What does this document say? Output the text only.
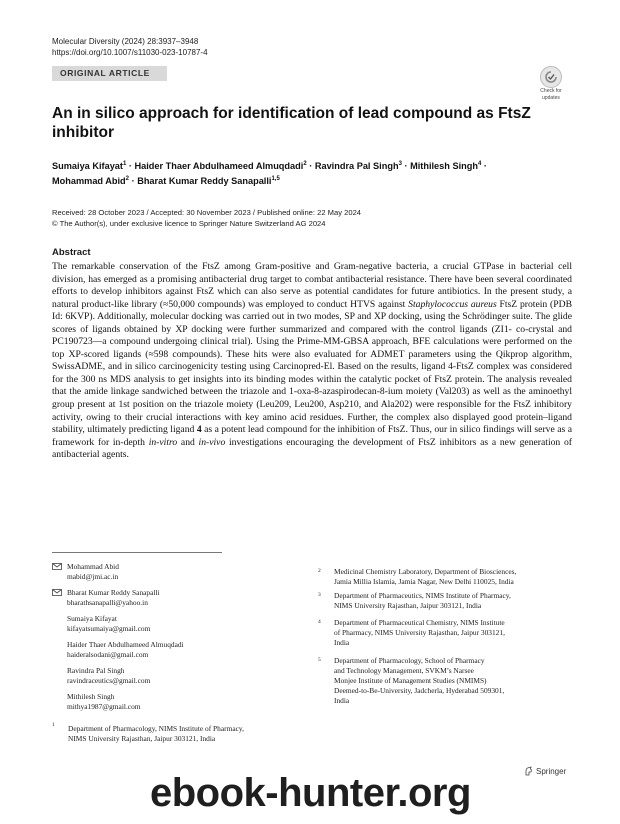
Molecular Diversity (2024) 28:3937–3948
https://doi.org/10.1007/s11030-023-10787-4
ORIGINAL ARTICLE
Check for
updates
An in silico approach for identification of lead compound as FtsZ inhibitor
Sumaiya Kifayat$^1$ · Haider Thaer Abdulhameed Almuqdadi$^2$ · Ravindra Pal Singh$^3$ · Mithilesh Singh$^4$ ·
Mohammad Abid$^2$ · Bharat Kumar Reddy Sanapalli$^{1,5}$
Received: 28 October 2023 / Accepted: 30 November 2023 / Published online: 22 May 2024
© The Author(s), under exclusive licence to Springer Nature Switzerland AG 2024
Abstract
The remarkable conservation of the FtsZ among Gram-positive and Gram-negative bacteria, a crucial GTPase in bacterial cell division, has emerged as a promising antibacterial drug target to combat antibacterial resistance. There have been several coordinated efforts to develop inhibitors against FtsZ which can also serve as potential candidates for future antibiotics. In the present study, a natural product-like library (≈50,000 compounds) was employed to conduct HTVS against Staphylococcus aureus FtsZ protein (PDB Id: 6KVP). Additionally, molecular docking was carried out in two modes, SP and XP docking, using the Schrödinger suite. The glide scores of ligands obtained by XP docking were further summarized and compared with the control ligands (ZI1- co-crystal and PC190723—a compound undergoing clinical trial). Using the Prime-MM-GBSA approach, BFE calculations were performed on the top XP-scored ligands (≈598 compounds). These hits were also evaluated for ADMET parameters using the Qikprop algorithm, SwissADME, and in silico carcinogenicity testing using Carcinopred-El. Based on the results, ligand 4-FtsZ complex was considered for the 300 ns MDS analysis to get insights into its binding modes within the catalytic pocket of FtsZ protein. The analysis revealed that the amide linkage sandwiched between the triazole and 1-oxa-8-azaspirodecan-8-ium moiety (Val203) as well as the aminoethyl group present at 1st position on the triazole moiety (Leu209, Leu200, Asp210, and Ala202) were responsible for the FtsZ inhibitory activity, owing to their crucial interactions with key amino acid residues. Further, the complex also displayed good protein–ligand stability, ultimately predicting ligand 4 as a potent lead compound for the inhibition of FtsZ. Thus, our in silico findings will serve as a framework for in-depth in-vitro and in-vivo investigations encouraging the development of FtsZ inhibitors as a new generation of antibacterial agents.
Mohammad Abid
mabid@jmi.ac.in
Bharat Kumar Reddy Sanapalli
bharathsanapalli@yahoo.in
Sumaiya Kifayat
kifayatsumaiya@gmail.com
Haider Thaer Abdulhameed Almuqdadi
haideralsodani@gmail.com
Ravindra Pal Singh
ravindraceutics@gmail.com
Mithilesh Singh
mithya1987@gmail.com
1 Department of Pharmacology, NIMS Institute of Pharmacy,
NIMS University Rajasthan, Jaipur 303121, India
2 Medicinal Chemistry Laboratory, Department of Biosciences,
Jamia Millia Islamia, Jamia Nagar, New Delhi 110025, India
3 Department of Pharmaceutics, NIMS Institute of Pharmacy,
NIMS University Rajasthan, Jaipur 303121, India
4 Department of Pharmaceutical Chemistry, NIMS Institute
of Pharmacy, NIMS University Rajasthan, Jaipur 303121,
India
5 Department of Pharmacology, School of Pharmacy
and Technology Management, SVKM’s Narsee
Monjee Institute of Management Studies (NMIMS)
Deemed-to-Be-University, Jadcherla, Hyderabad 509301,
India
Springer
ebook-hunter.org
